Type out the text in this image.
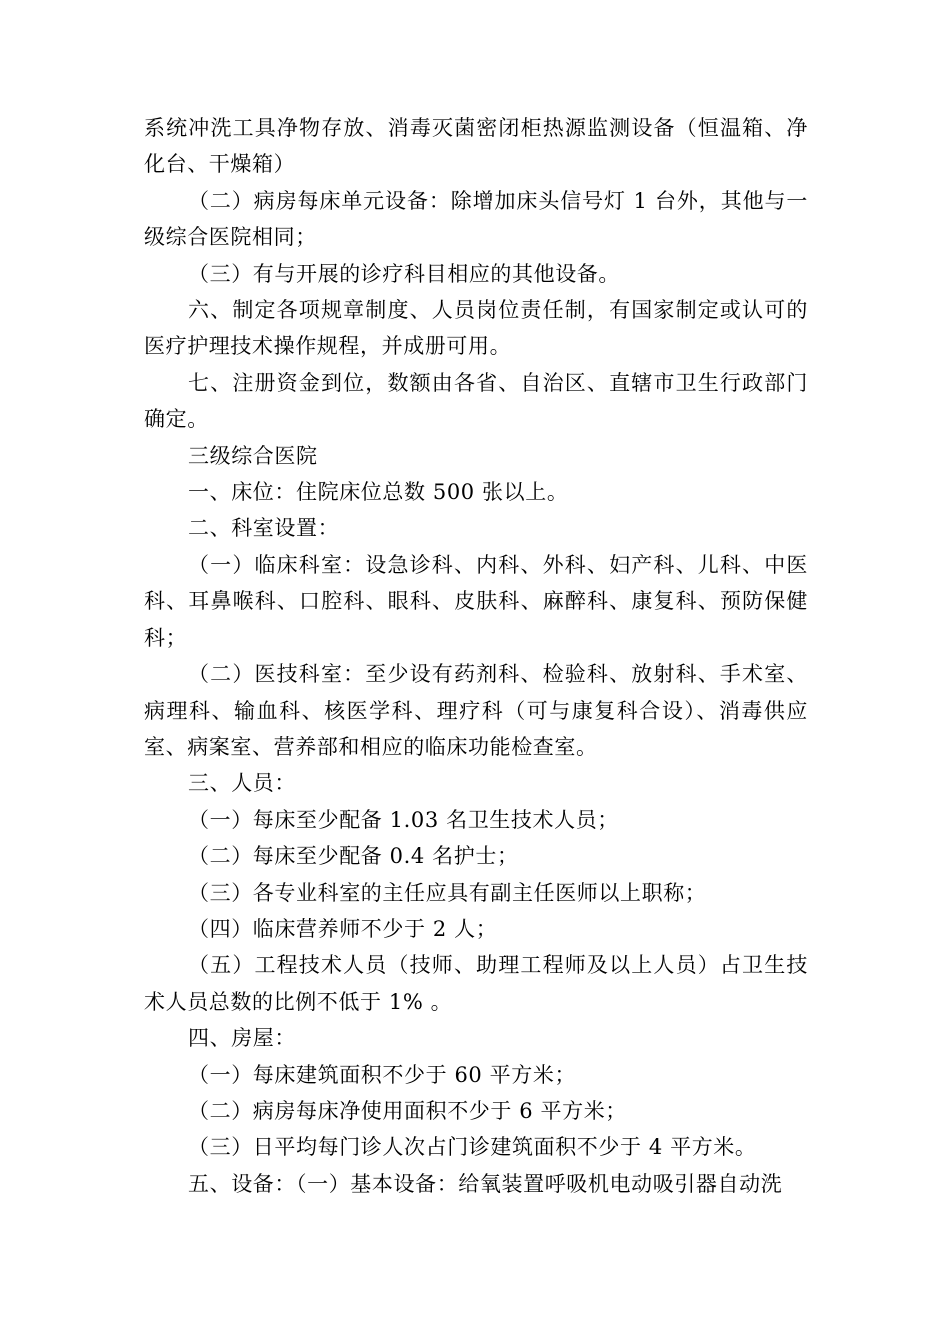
系统冲洗工具净物存放、消毒灭菌密闭柜热源监测设备（恒温箱、净化台、干燥箱）

（二）病房每床单元设备：除增加床头信号灯 1 台外，其他与一级综合医院相同；

（三）有与开展的诊疗科目相应的其他设备。

六、制定各项规章制度、人员岗位责任制，有国家制定或认可的医疗护理技术操作规程，并成册可用。

七、注册资金到位，数额由各省、自治区、直辖市卫生行政部门确定。

三级综合医院

一、床位：住院床位总数 500 张以上。

二、科室设置：

（一）临床科室：设急诊科、内科、外科、妇产科、儿科、中医科、耳鼻喉科、口腔科、眼科、皮肤科、麻醉科、康复科、预防保健科；

（二）医技科室：至少设有药剂科、检验科、放射科、手术室、病理科、输血科、核医学科、理疗科（可与康复科合设）、消毒供应室、病案室、营养部和相应的临床功能检查室。

三、人员：

（一）每床至少配备 1.03 名卫生技术人员；

（二）每床至少配备 0.4 名护士；

（三）各专业科室的主任应具有副主任医师以上职称；

（四）临床营养师不少于 2 人；

（五）工程技术人员（技师、助理工程师及以上人员）占卫生技术人员总数的比例不低于 1% 。

四、房屋：

（一）每床建筑面积不少于 60 平方米；

（二）病房每床净使用面积不少于 6 平方米；

（三）日平均每门诊人次占门诊建筑面积不少于 4 平方米。

五、设备：（一）基本设备：给氧装置呼吸机电动吸引器自动洗
